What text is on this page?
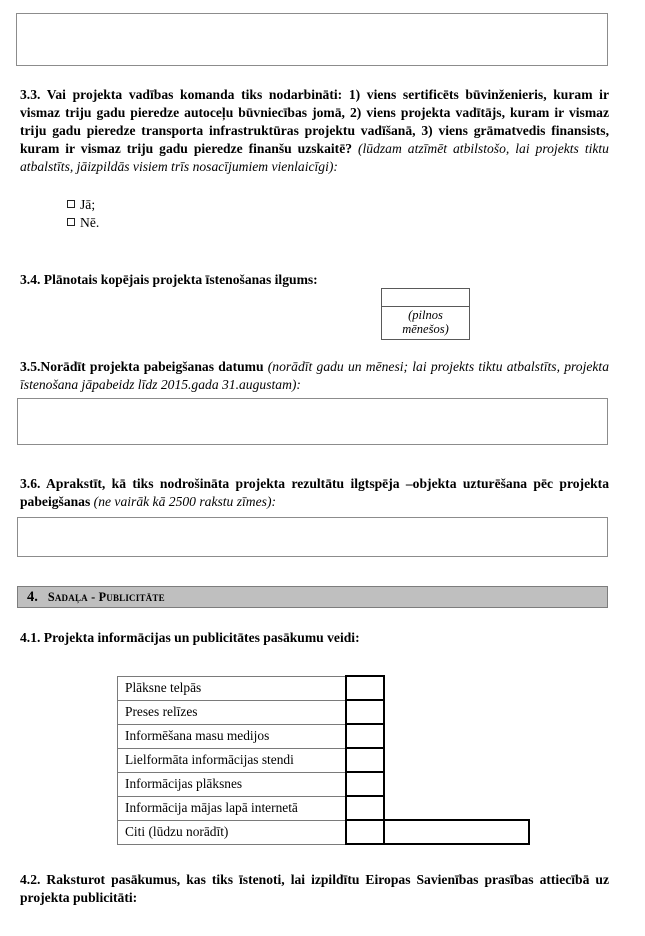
3.3. Vai projekta vadības komanda tiks nodarbināti: 1) viens sertificēts būvinženieris, kuram ir vismaz triju gadu pieredze autoceļu būvniecības jomā, 2) viens projekta vadītājs, kuram ir vismaz triju gadu pieredze transporta infrastruktūras projektu vadīšanā, 3) viens grāmatvedis finansists, kuram ir vismaz triju gadu pieredze finanšu uzskaitē? (lūdzam atzīmēt atbilstošo, lai projekts tiktu atbalstīts, jāizpildās visiem trīs nosacījumiem vienlaicīgi):
Jā;
Nē.
3.4. Plānotais kopējais projekta īstenošanas ilgums:

(pilnos mēnešos)
3.5.Norādīt projekta pabeigšanas datumu (norādīt gadu un mēnesi; lai projekts tiktu atbalstīts, projekta īstenošana jāpabeidz līdz 2015.gada 31.augustam):
3.6. Aprakstīt, kā tiks nodrošināta projekta rezultātu ilgtspēja –objekta uzturēšana pēc projekta pabeigšanas (ne vairāk kā 2500 rakstu zīmes):
4. Sadaļa - Publicitāte
4.1. Projekta informācijas un publicitātes pasākumu veidi:
Plāksne telpās		
Preses relīzes		
Informēšana masu medijos		
Lielformāta informācijas stendi		
Informācijas plāksnes		
Informācija mājas lapā internetā		
Citi (lūdzu norādīt)		
4.2. Raksturot pasākumus, kas tiks īstenoti, lai izpildītu Eiropas Savienības prasības attiecībā uz projekta publicitāti:
